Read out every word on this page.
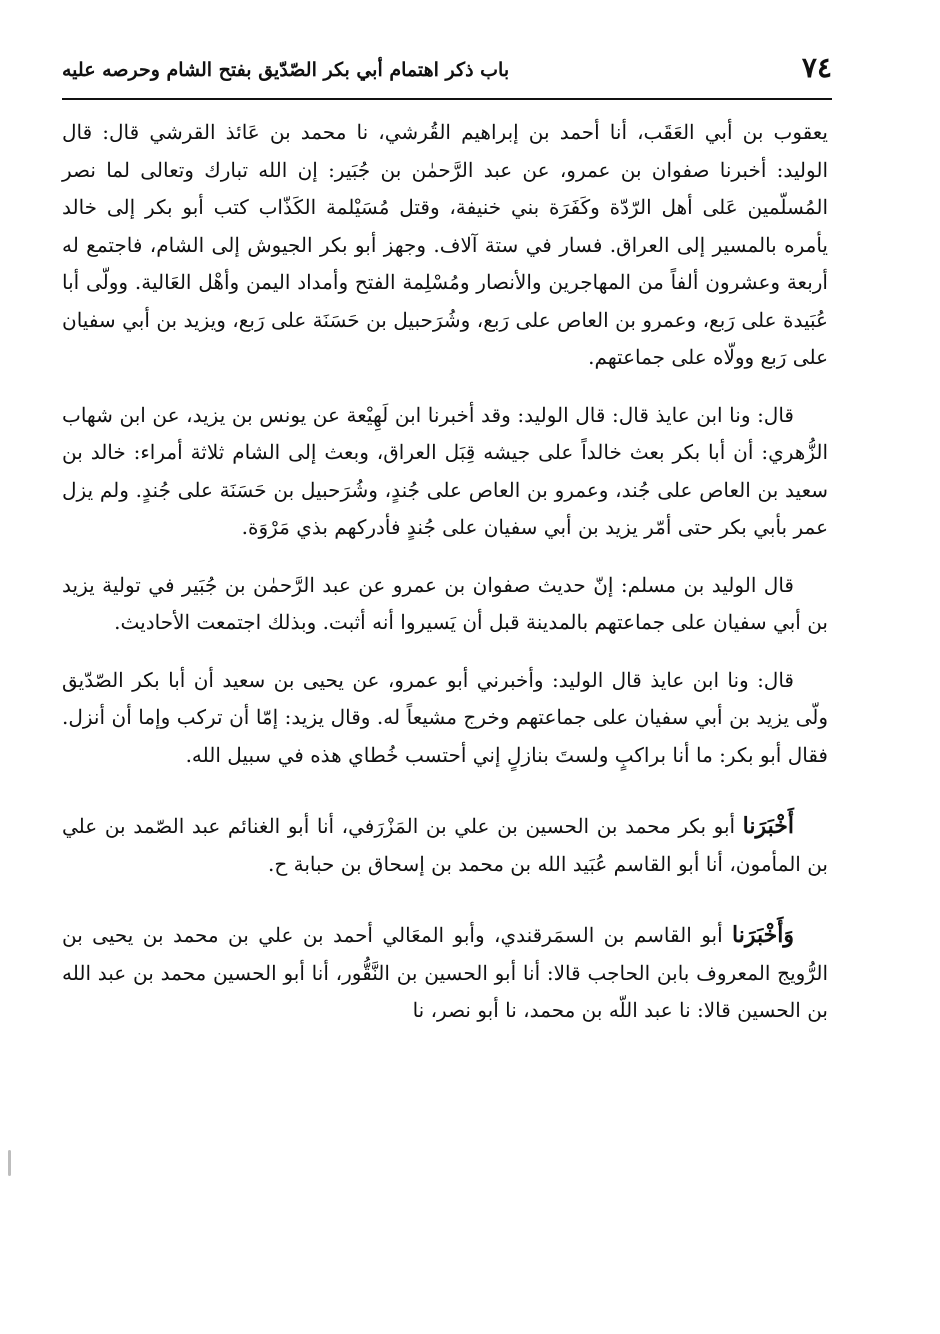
٧٤
باب ذكر اهتمام أبي بكر الصّدّيق بفتح الشام وحرصه عليه

يعقوب بن أبي العَقَب، أنا أحمد بن إبراهيم القُرشي، نا محمد بن عَائذ القرشي قال: قال الوليد: أخبرنا صفوان بن عمرو، عن عبد الرَّحمٰن بن جُبَير: إن الله تبارك وتعالى لما نصر المُسلّمين عَلى أهل الرّدّة وكَفَرَة بني خنيفة، وقتل مُسَيْلمة الكَذّاب كتب أبو بكر إلى خالد يأمره بالمسير إلى العراق. فسار في ستة آلاف. وجهز أبو بكر الجيوش إلى الشام، فاجتمع له أربعة وعشرون ألفاً من المهاجرين والأنصار ومُسْلِمة الفتح وأمداد اليمن وأهْل العَالية. وولّى أبا عُبَيدة على رَبع، وعمرو بن العاص على رَبع، وشُرَحبيل بن حَسَنَة على رَبع، ويزيد بن أبي سفيان على رَبع وولّاه على جماعتهم.

قال: ونا ابن عايذ قال: قال الوليد: وقد أخبرنا ابن لَهِيْعة عن يونس بن يزيد، عن ابن شهاب الزُّهري: أن أبا بكر بعث خالداً على جيشه قِبَل العراق، وبعث إلى الشام ثلاثة أمراء: خالد بن سعيد بن العاص على جُند، وعمرو بن العاص على جُندٍ، وشُرَحبيل بن حَسَنَة على جُندٍ. ولم يزل عمر بأبي بكر حتى أمّر يزيد بن أبي سفيان على جُندٍ فأدركهم بذي مَرْوَة.

قال الوليد بن مسلم: إنّ حديث صفوان بن عمرو عن عبد الرَّحمٰن بن جُبَير في تولية يزيد بن أبي سفيان على جماعتهم بالمدينة قبل أن يَسيروا أنه أثبت. وبذلك اجتمعت الأحاديث.

قال: ونا ابن عايذ قال الوليد: وأخبرني أبو عمرو، عن يحيى بن سعيد أن أبا بكر الصّدّيق ولّى يزيد بن أبي سفيان على جماعتهم وخرج مشيعاً له. وقال يزيد: إمّا أن تركب وإما أن أنزل. فقال أبو بكر: ما أنا براكبٍ ولستَ بنازلٍ إني أحتسب خُطاي هذه في سبيل الله.

أَخْبَرَنا أبو بكر محمد بن الحسين بن علي بن المَزْرَفي، أنا أبو الغنائم عبد الصّمد بن علي بن المأمون، أنا أبو القاسم عُبَيد الله بن محمد بن إسحاق بن حبابة ح.

وَأَخْبَرَنا أبو القاسم بن السمَرقندي، وأبو المعَالي أحمد بن علي بن محمد بن يحيى بن الرُّويج المعروف بابن الحاجب قالا: أنا أبو الحسين بن النَّقُّور، أنا أبو الحسين محمد بن عبد الله بن الحسين قالا: نا عبد اللّه بن محمد، نا أبو نصر، نا
